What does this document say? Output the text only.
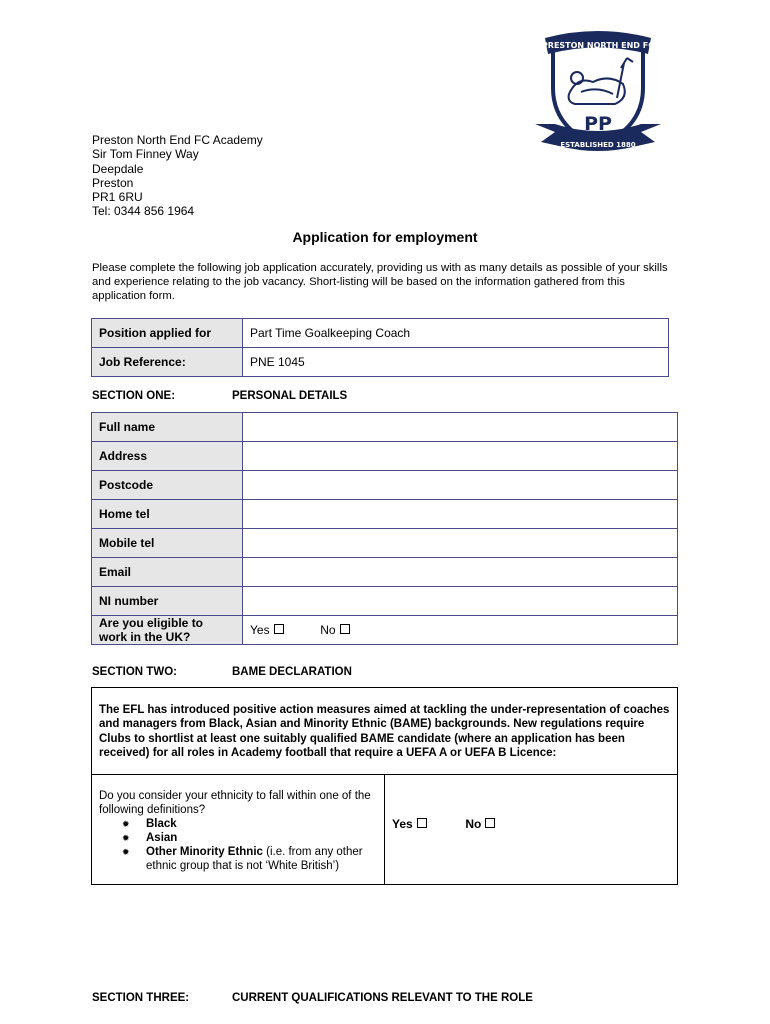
PRESTON NORTH END FC
PP
ESTABLISHED 1880
Preston North End FC Academy
Sir Tom Finney Way
Deepdale
Preston
PR1 6RU
Tel: 0344 856 1964
Application for employment
Please complete the following job application accurately, providing us with as many details as possible of your skills and experience relating to the job vacancy. Short-listing will be based on the information gathered from this application form.
Position applied for	Part Time Goalkeeping Coach
Job Reference:	PNE 1045
SECTION ONE:	PERSONAL DETAILS
Full name	
Address	
Postcode	
Home tel	
Mobile tel	
Email	
NI number	

Are you eligible to
work in the UK?	Yes No
SECTION TWO:	BAME DECLARATION
The EFL has introduced positive action measures aimed at tackling the under-representation of coaches and managers from Black, Asian and Minority Ethnic (BAME) backgrounds. New regulations require Clubs to shortlist at least one suitably qualified BAME candidate (where an application has been received) for all roles in Academy football that require a UEFA A or UEFA B Licence:
Do you consider your ethnicity to fall within one of the following definitions?
✹ Black
✹ Asian
✹ Other Minority Ethnic (i.e. from any other ethnic group that is not ‘White British’)
Yes	No
SECTION THREE:	CURRENT QUALIFICATIONS RELEVANT TO THE ROLE
